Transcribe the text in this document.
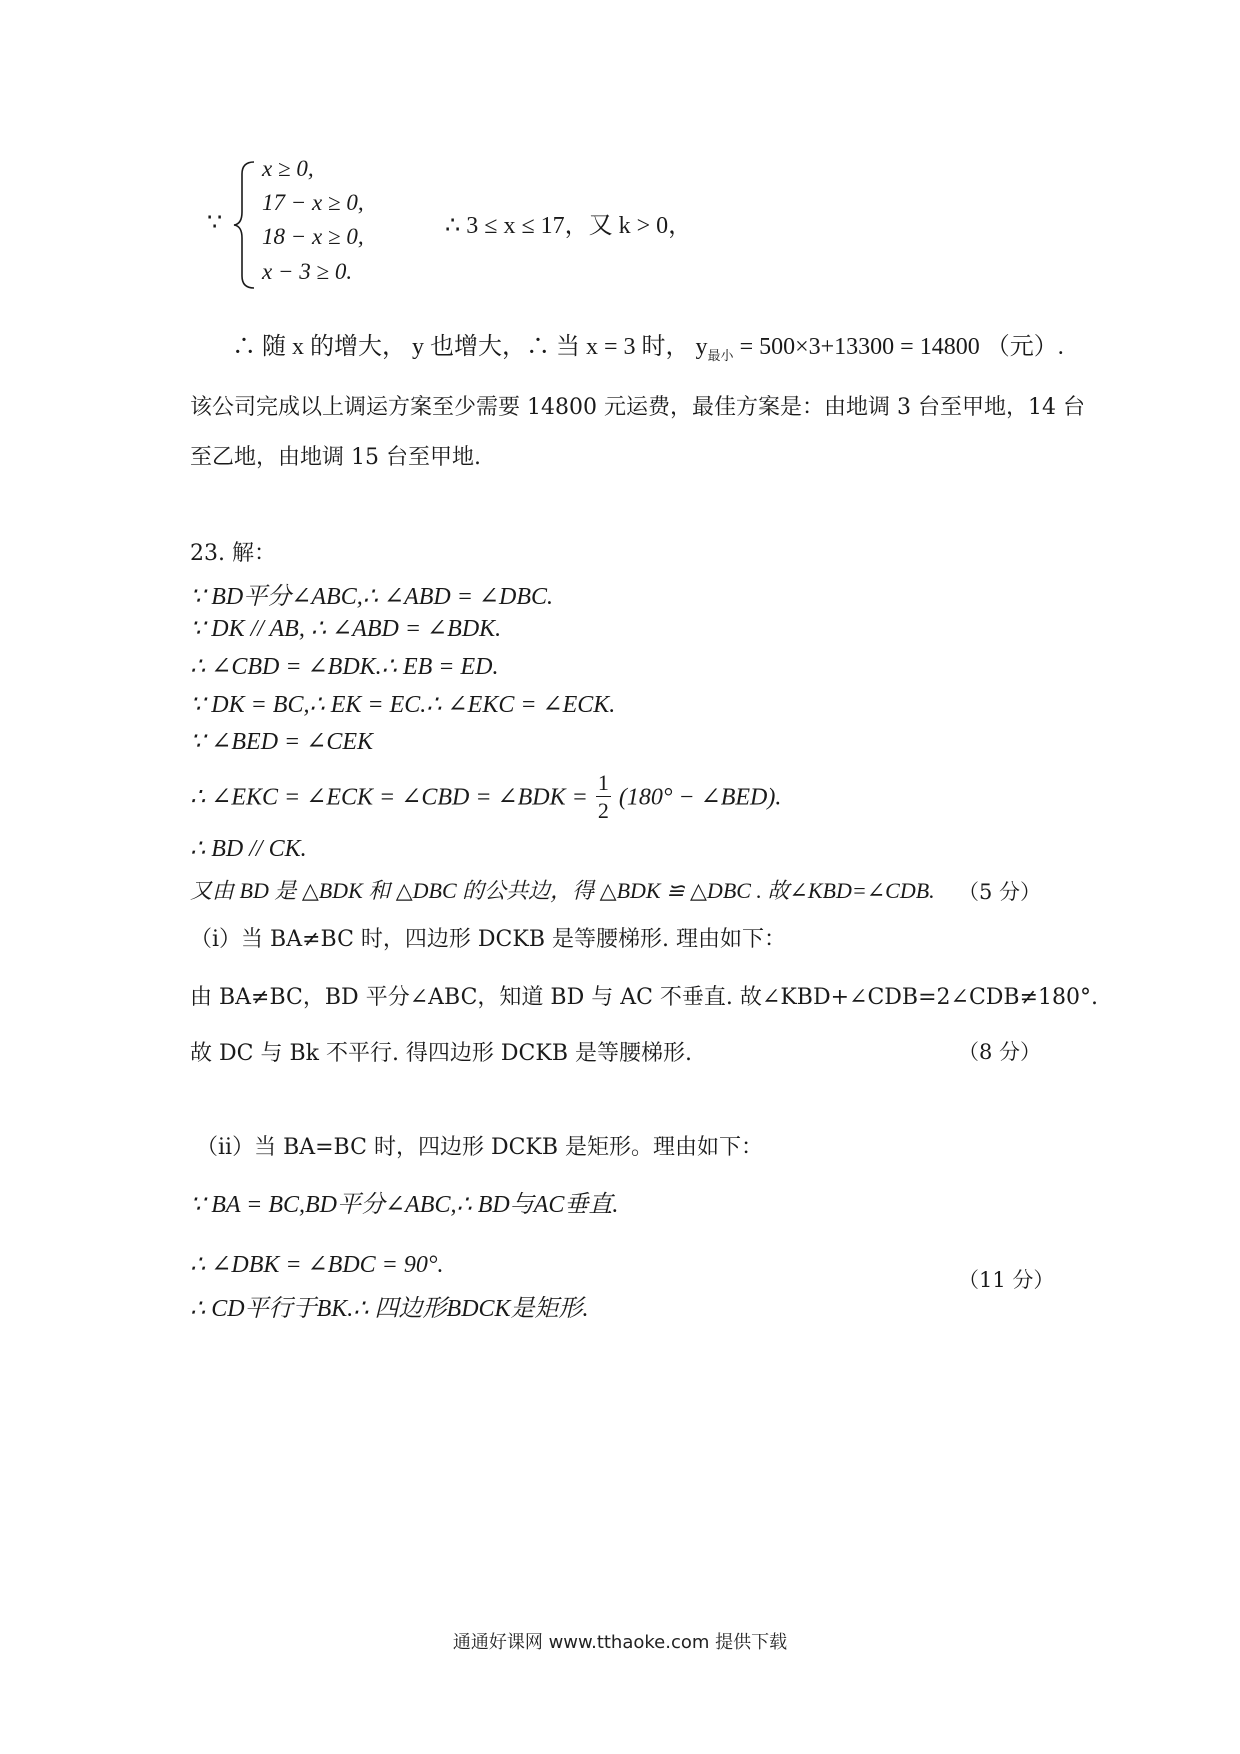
∵
x ≥ 0,
17 − x ≥ 0,
18 − x ≥ 0,
x − 3 ≥ 0.
∴ 3 ≤ x ≤ 17，又 k > 0，
∴ 随 x 的增大， y 也增大，∴ 当 x = 3 时， $y_{最小} = 500\times 3+13300 = 14800$ （元）.
该公司完成以上调运方案至少需要 14800 元运费，最佳方案是：由地调 3 台至甲地，14 台
至乙地，由地调 15 台至甲地.
23. 解：
∵ BD平分∠ABC,∴ ∠ABD = ∠DBC.
∵ DK // AB, ∴ ∠ABD = ∠BDK.
∴ ∠CBD = ∠BDK.∴ EB = ED.
∵ DK = BC,∴ EK = EC.∴ ∠EKC = ∠ECK.
∵ ∠BED = ∠CEK
∴ ∠EKC = ∠ECK = ∠CBD = ∠BDK = $\frac{1}{2} (180^\circ$ − ∠BED).
∴ BD // CK.
又由 BD 是 △BDK 和 △DBC 的公共边，得 △BDK ≌ △DBC . 故∠KBD=∠CDB. （5 分）
（i）当 BA≠BC 时，四边形 DCKB 是等腰梯形. 理由如下：
由 BA≠BC，BD 平分∠ABC，知道 BD 与 AC 不垂直. 故∠KBD+∠CDB=2∠CDB≠180°.
故 DC 与 Bk 不平行. 得四边形 DCKB 是等腰梯形.	（8 分）
（ii）当 BA=BC 时，四边形 DCKB 是矩形。理由如下：
∵ BA = BC,BD平分∠ABC,∴ BD与AC垂直.
∴ ∠DBK = ∠BDC = 90°.
（11 分）
∴ CD平行于BK.∴ 四边形BDCK是矩形.
通通好课网 www.tthaoke.com 提供下载
